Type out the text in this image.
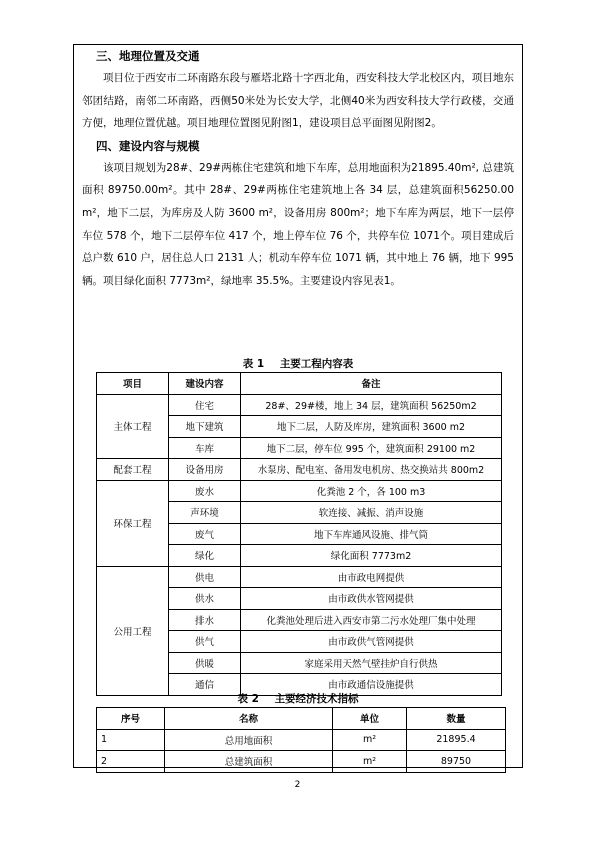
三、地理位置及交通

项目位于西安市二环南路东段与雁塔北路十字西北角，西安科技大学北校区内，项目地东邻团结路，南邻二环南路，西侧50米处为长安大学，北侧40米为西安科技大学行政楼，交通方便，地理位置优越。项目地理位置图见附图1，建设项目总平面图见附图2。

四、建设内容与规模

该项目规划为28#、29#两栋住宅建筑和地下车库，总用地面积为21895.40m², 总建筑面积 89750.00m²。其中 28#、29#两栋住宅建筑地上各 34 层，总建筑面积56250.00 m²，地下二层，为库房及人防 3600 m²，设备用房 800m²；地下车库为两层，地下一层停车位 578 个，地下二层停车位 417 个，地上停车位 76 个，共停车位 1071个。项目建成后总户数 610 户，居住总人口 2131 人；机动车停车位 1071 辆，其中地上 76 辆，地下 995 辆。项目绿化面积 7773m²，绿地率 35.5%。主要建设内容见表1。

表 1 主要工程内容表
项目	建设内容	备注
主体工程	住宅	28#、29#楼，地上 34 层，建筑面积 56250m2
	地下建筑	地下二层，人防及库房，建筑面积 3600 m2
	车库	地下二层，停车位 995 个，建筑面积 29100 m2
配套工程	设备用房	水泵房、配电室、备用发电机房、热交换站共 800m2
环保工程	废水	化粪池 2 个，各 100 m3
	声环境	软连接、减振、消声设施
	废气	地下车库通风设施、排气筒
	绿化	绿化面积 7773m2
公用工程	供电	由市政电网提供
	供水	由市政供水管网提供
	排水	化粪池处理后进入西安市第二污水处理厂集中处理
	供气	由市政供气管网提供
	供暖	家庭采用天然气壁挂炉自行供热
	通信	由市政通信设施提供
表 2 主要经济技术指标
序号	名称	单位	数量
1	总用地面积	m²	21895.4
2	总建筑面积	m²	89750
2
